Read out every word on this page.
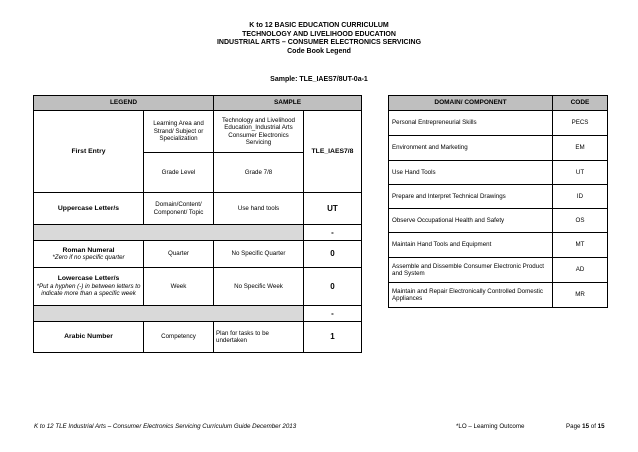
K to 12 BASIC EDUCATION CURRICULUM
TECHNOLOGY AND LIVELIHOOD EDUCATION
INDUSTRIAL ARTS – CONSUMER ELECTRONICS SERVICING
Code Book Legend
Sample: TLE_IAES7/8UT-0a-1
LEGEND		SAMPLE	
First Entry	Learning Area and Strand/ Subject or Specialization	Technology and Livelihood Education_Industrial Arts Consumer Electronics Servicing	TLE_IAES7/8
	Grade Level	Grade 7/8	
Uppercase Letter/s	Domain/Content/ Component/ Topic	Use hand tools	UT
			-
Roman Numeral
*Zero if no specific quarter	Quarter	No Specific Quarter	0
Lowercase Letter/s
*Put a hyphen (-) in between letters to indicate more than a specific week	Week	No Specific Week	0
			-
Arabic Number	Competency	Plan for tasks to be undertaken	1
DOMAIN/ COMPONENT	CODE
Personal Entrepreneurial Skills	PECS
Environment and Marketing	EM
Use Hand Tools	UT
Prepare and Interpret Technical Drawings	ID
Observe Occupational Health and Safety	OS
Maintain Hand Tools and Equipment	MT
Assemble and Dissemble Consumer Electronic Product and System	AD
Maintain and Repair Electronically Controlled Domestic Appliances	MR
K to 12 TLE Industrial Arts – Consumer Electronics Servicing Curriculum Guide December 2013	*LO – Learning Outcome	Page 15 of 15
